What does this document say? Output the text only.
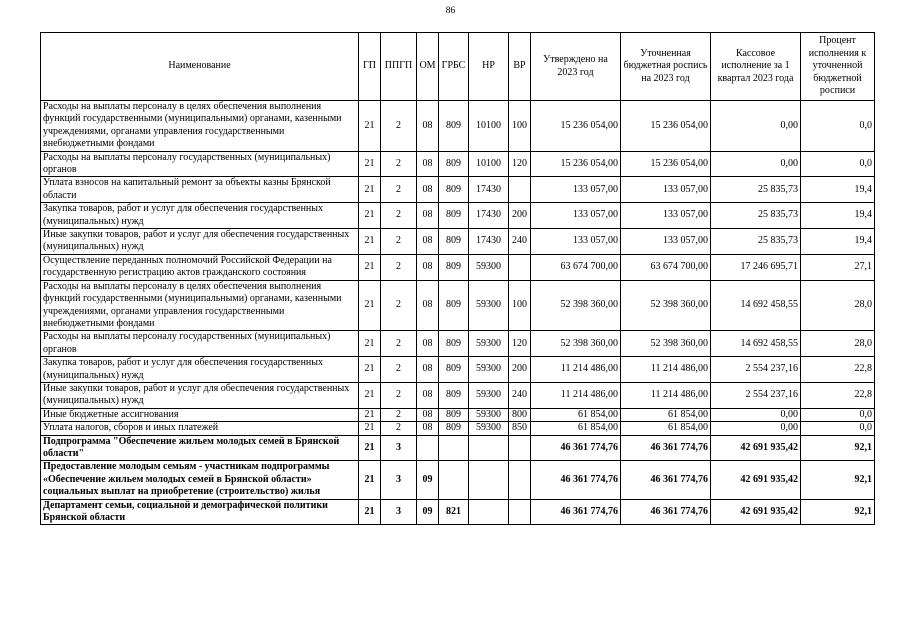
86
Наименование	ГП	ППГП	ОМ	ГРБС	НР	ВР	Утверждено на 2023 год	Уточненная бюджетная роспись на 2023 год	Кассовое исполнение за 1 квартал 2023 года	Процент исполнения к уточненной бюджетной росписи
Расходы на выплаты персоналу в целях обеспечения выполнения функций государственными (муниципальными) органами, казенными учреждениями, органами управления государственными внебюджетными фондами	21	2	08	809	10100	100	15 236 054,00	15 236 054,00	0,00	0,0
Расходы на выплаты персоналу государственных (муниципальных) органов	21	2	08	809	10100	120	15 236 054,00	15 236 054,00	0,00	0,0
Уплата взносов на капитальный ремонт за объекты казны Брянской области	21	2	08	809	17430		133 057,00	133 057,00	25 835,73	19,4
Закупка товаров, работ и услуг для обеспечения государственных (муниципальных) нужд	21	2	08	809	17430	200	133 057,00	133 057,00	25 835,73	19,4
Иные закупки товаров, работ и услуг для обеспечения государственных (муниципальных) нужд	21	2	08	809	17430	240	133 057,00	133 057,00	25 835,73	19,4
Осуществление переданных полномочий Российской Федерации на государственную регистрацию актов гражданского состояния	21	2	08	809	59300		63 674 700,00	63 674 700,00	17 246 695,71	27,1
Расходы на выплаты персоналу в целях обеспечения выполнения функций государственными (муниципальными) органами, казенными учреждениями, органами управления государственными внебюджетными фондами	21	2	08	809	59300	100	52 398 360,00	52 398 360,00	14 692 458,55	28,0
Расходы на выплаты персоналу государственных (муниципальных) органов	21	2	08	809	59300	120	52 398 360,00	52 398 360,00	14 692 458,55	28,0
Закупка товаров, работ и услуг для обеспечения государственных (муниципальных) нужд	21	2	08	809	59300	200	11 214 486,00	11 214 486,00	2 554 237,16	22,8
Иные закупки товаров, работ и услуг для обеспечения государственных (муниципальных) нужд	21	2	08	809	59300	240	11 214 486,00	11 214 486,00	2 554 237,16	22,8
Иные бюджетные ассигнования	21	2	08	809	59300	800	61 854,00	61 854,00	0,00	0,0
Уплата налогов, сборов и иных платежей	21	2	08	809	59300	850	61 854,00	61 854,00	0,00	0,0
Подпрограмма "Обеспечение жильем молодых семей в Брянской области"	21	3					46 361 774,76	46 361 774,76	42 691 935,42	92,1
Предоставление молодым семьям - участникам подпрограммы «Обеспечение жильем молодых семей в Брянской области» социальных выплат на приобретение (строительство) жилья	21	3	09				46 361 774,76	46 361 774,76	42 691 935,42	92,1
Департамент семьи, социальной и демографической политики Брянской области	21	3	09	821			46 361 774,76	46 361 774,76	42 691 935,42	92,1
